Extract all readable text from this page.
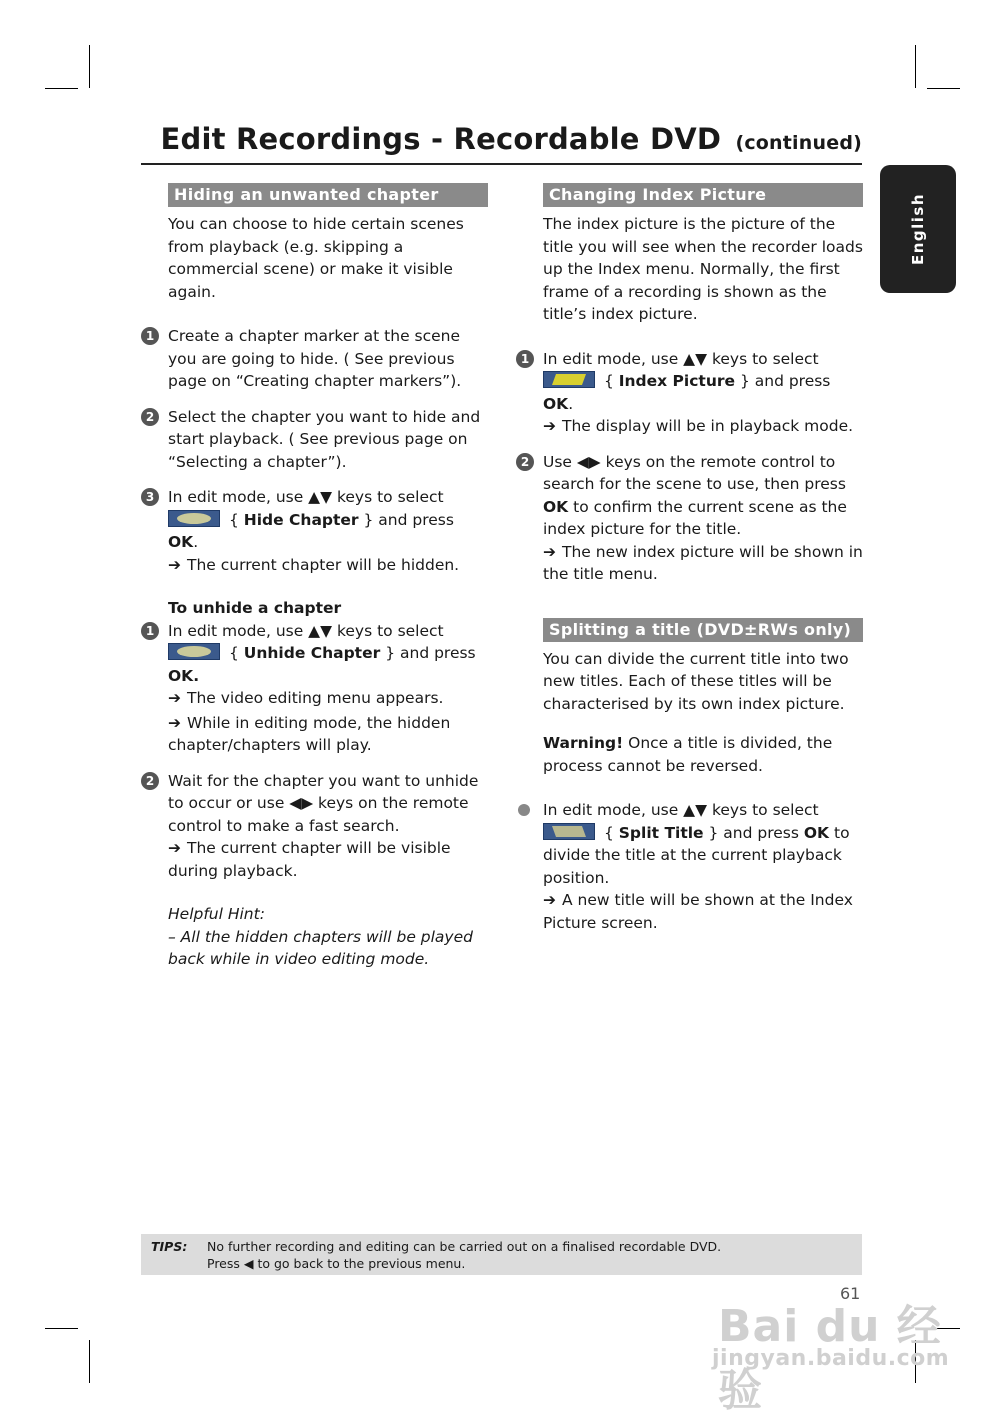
Edit Recordings - Recordable DVD (continued)
English
Hiding an unwanted chapter

You can choose to hide certain scenes from playback (e.g. skipping a commercial scene) or make it visible again.

1 Create a chapter marker at the scene you are going to hide. ( See previous page on “Creating chapter markers”).
2 Select the chapter you want to hide and start playback. ( See previous page on “Selecting a chapter”).
3 In edit mode, use ▲▼ keys to select
{ Hide Chapter } and press OK.
➔ The current chapter will be hidden.

To unhide a chapter

1 In edit mode, use ▲▼ keys to select
{ Unhide Chapter } and press
OK.
➔ The video editing menu appears.

➔ While in editing mode, the hidden chapter/chapters will play.
2 Wait for the chapter you want to unhide to occur or use ◀▶ keys on the remote control to make a fast search.
➔ The current chapter will be visible during playback.

Helpful Hint:

– All the hidden chapters will be played back while in video editing mode.

Changing Index Picture

The index picture is the picture of the title you will see when the recorder loads up the Index menu. Normally, the first frame of a recording is shown as the title’s index picture.

1 In edit mode, use ▲▼ keys to select
{ Index Picture } and press OK.
➔ The display will be in playback mode.
2 Use ◀▶ keys on the remote control to search for the scene to use, then press OK to confirm the current scene as the index picture for the title.
➔ The new index picture will be shown in the title menu.
Splitting a title (DVD±RWs only)

You can divide the current title into two new titles. Each of these titles will be characterised by its own index picture.

Warning! Once a title is divided, the process cannot be reversed.

In edit mode, use ▲▼ keys to select
{ Split Title } and press OK to divide the title at the current playback position.
➔ A new title will be shown at the Index Picture screen.
TIPS: No further recording and editing can be carried out on a finalised recordable DVD.
Press ◀ to go back to the previous menu.
61
Bai du 经验
jingyan.baidu.com
